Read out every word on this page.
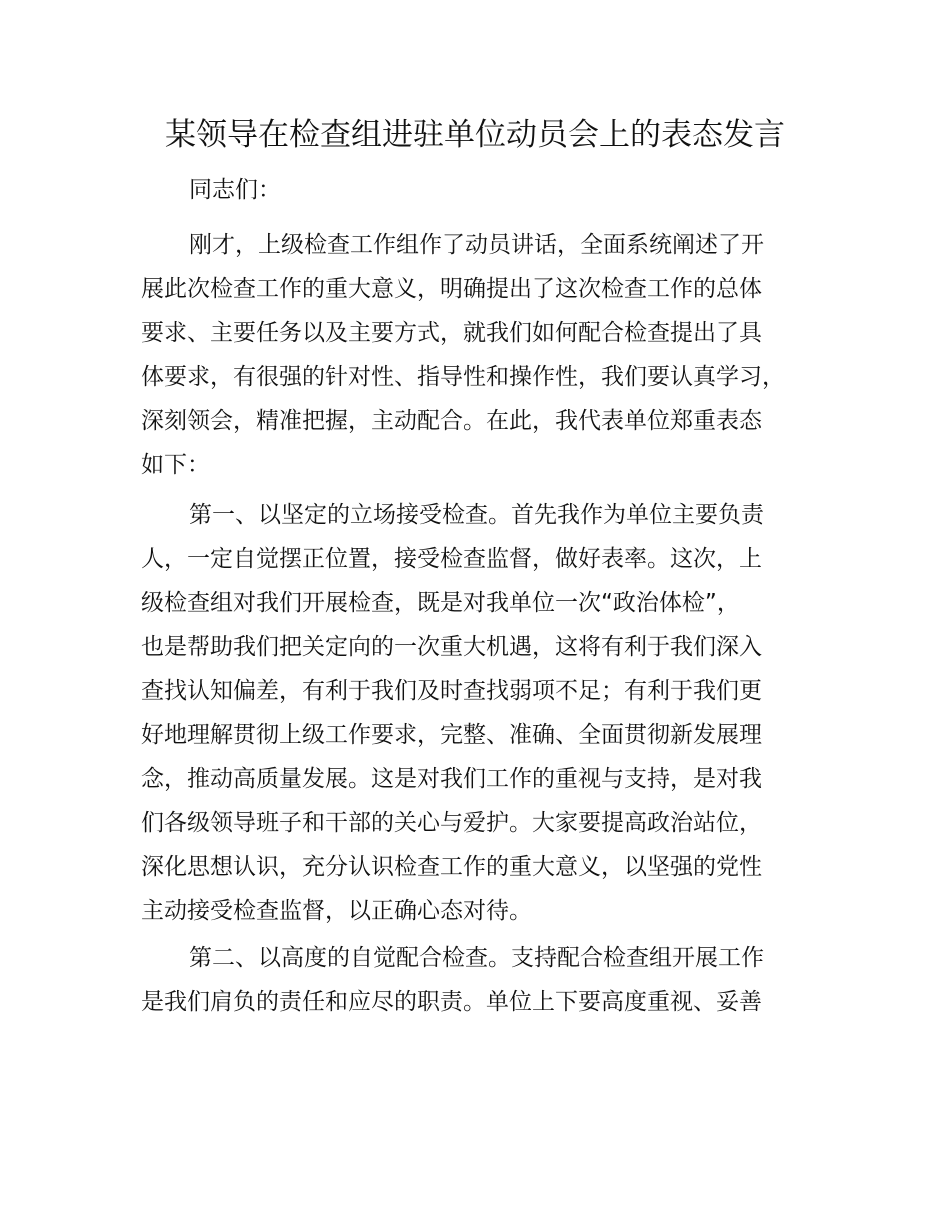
某领导在检查组进驻单位动员会上的表态发言

同志们：

刚才，上级检查工作组作了动员讲话，全面系统阐述了开
展此次检查工作的重大意义，明确提出了这次检查工作的总体
要求、主要任务以及主要方式，就我们如何配合检查提出了具
体要求，有很强的针对性、指导性和操作性，我们要认真学习，
深刻领会，精准把握，主动配合。在此，我代表单位郑重表态
如下：
第一、以坚定的立场接受检查。首先我作为单位主要负责
人，一定自觉摆正位置，接受检查监督，做好表率。这次，上
级检查组对我们开展检查，既是对我单位一次“政治体检”，
也是帮助我们把关定向的一次重大机遇，这将有利于我们深入
查找认知偏差，有利于我们及时查找弱项不足；有利于我们更
好地理解贯彻上级工作要求，完整、准确、全面贯彻新发展理
念，推动高质量发展。这是对我们工作的重视与支持，是对我
们各级领导班子和干部的关心与爱护。大家要提高政治站位，
深化思想认识，充分认识检查工作的重大意义，以坚强的党性
主动接受检查监督，以正确心态对待。
第二、以高度的自觉配合检查。支持配合检查组开展工作
是我们肩负的责任和应尽的职责。单位上下要高度重视、妥善
